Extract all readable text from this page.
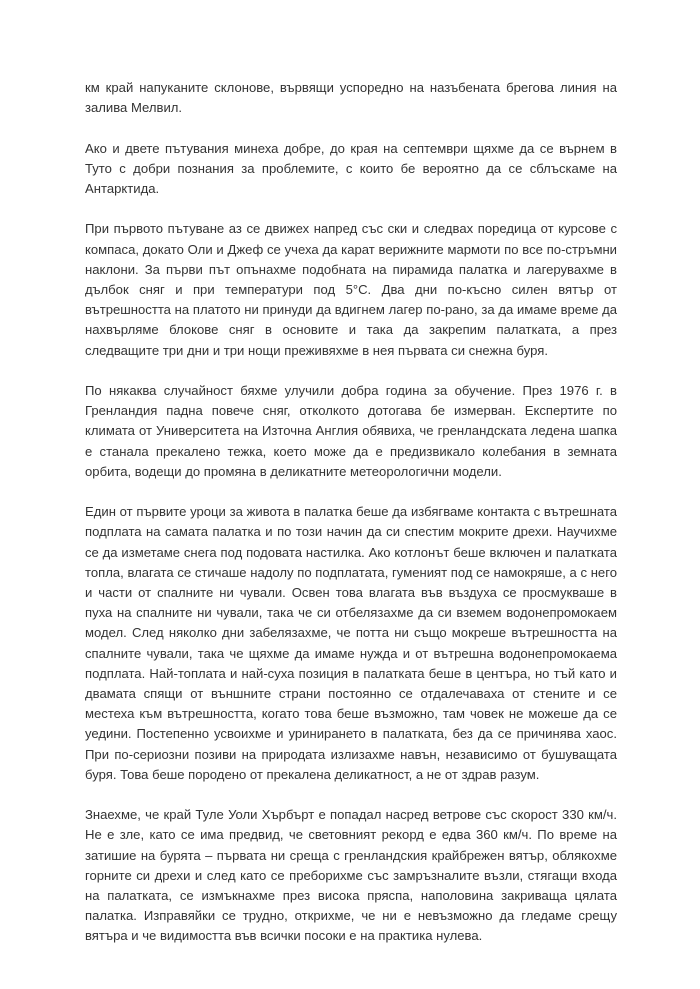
км край напуканите склонове, вървящи успоредно на назъбената брегова линия на залива Мелвил.

Ако и двете пътувания минеха добре, до края на септември щяхме да се върнем в Туто с добри познания за проблемите, с които бе вероятно да се сблъскаме на Антарктида.

При първото пътуване аз се движех напред със ски и следвах поредица от курсове с компаса, докато Оли и Джеф се учеха да карат верижните мармоти по все по-стръмни наклони. За първи път опънахме подобната на пирамида палатка и лагерувахме в дълбок сняг и при температури под 5°C. Два дни по-късно силен вятър от вътрешността на платото ни принуди да вдигнем лагер по-рано, за да имаме време да нахвърляме блокове сняг в основите и така да закрепим палатката, а през следващите три дни и три нощи преживяхме в нея първата си снежна буря.

По някаква случайност бяхме улучили добра година за обучение. През 1976 г. в Гренландия падна повече сняг, отколкото дотогава бе измерван. Експертите по климата от Университета на Източна Англия обявиха, че гренландската ледена шапка е станала прекалено тежка, което може да е предизвикало колебания в земната орбита, водещи до промяна в деликатните метеорологични модели.

Един от първите уроци за живота в палатка беше да избягваме контакта с вътрешната подплата на самата палатка и по този начин да си спестим мокрите дрехи. Научихме се да изметаме снега под подовата настилка. Ако котлонът беше включен и палатката топла, влагата се стичаше надолу по подплатата, гуменият под се намокряше, а с него и части от спалните ни чували. Освен това влагата във въздуха се просмукваше в пуха на спалните ни чували, така че си отбелязахме да си вземем водонепромокаем модел. След няколко дни забелязахме, че потта ни също мокреше вътрешността на спалните чували, така че щяхме да имаме нужда и от вътрешна водонепромокаема подплата. Най-топлата и най-суха позиция в палатката беше в центъра, но тъй като и двамата спящи от външните страни постоянно се отдалечаваха от стените и се местеха към вътрешността, когато това беше възможно, там човек не можеше да се уедини. Постепенно усвоихме и уринирането в палатката, без да се причинява хаос. При по-сериозни позиви на природата излизахме навън, независимо от бушуващата буря. Това беше породено от прекалена деликатност, а не от здрав разум.

Знаехме, че край Туле Уоли Хърбърт е попадал насред ветрове със скорост 330 км/ч. Не е зле, като се има предвид, че световният рекорд е едва 360 км/ч. По време на затишие на бурята – първата ни среща с гренландския крайбрежен вятър, облякохме горните си дрехи и след като се преборихме със замръзналите възли, стягащи входа на палатката, се измъкнахме през висока пряспа, наполовина закриваща цялата палатка. Изправяйки се трудно, открихме, че ни е невъзможно да гледаме срещу вятъра и че видимостта във всички посоки е на практика нулева.
